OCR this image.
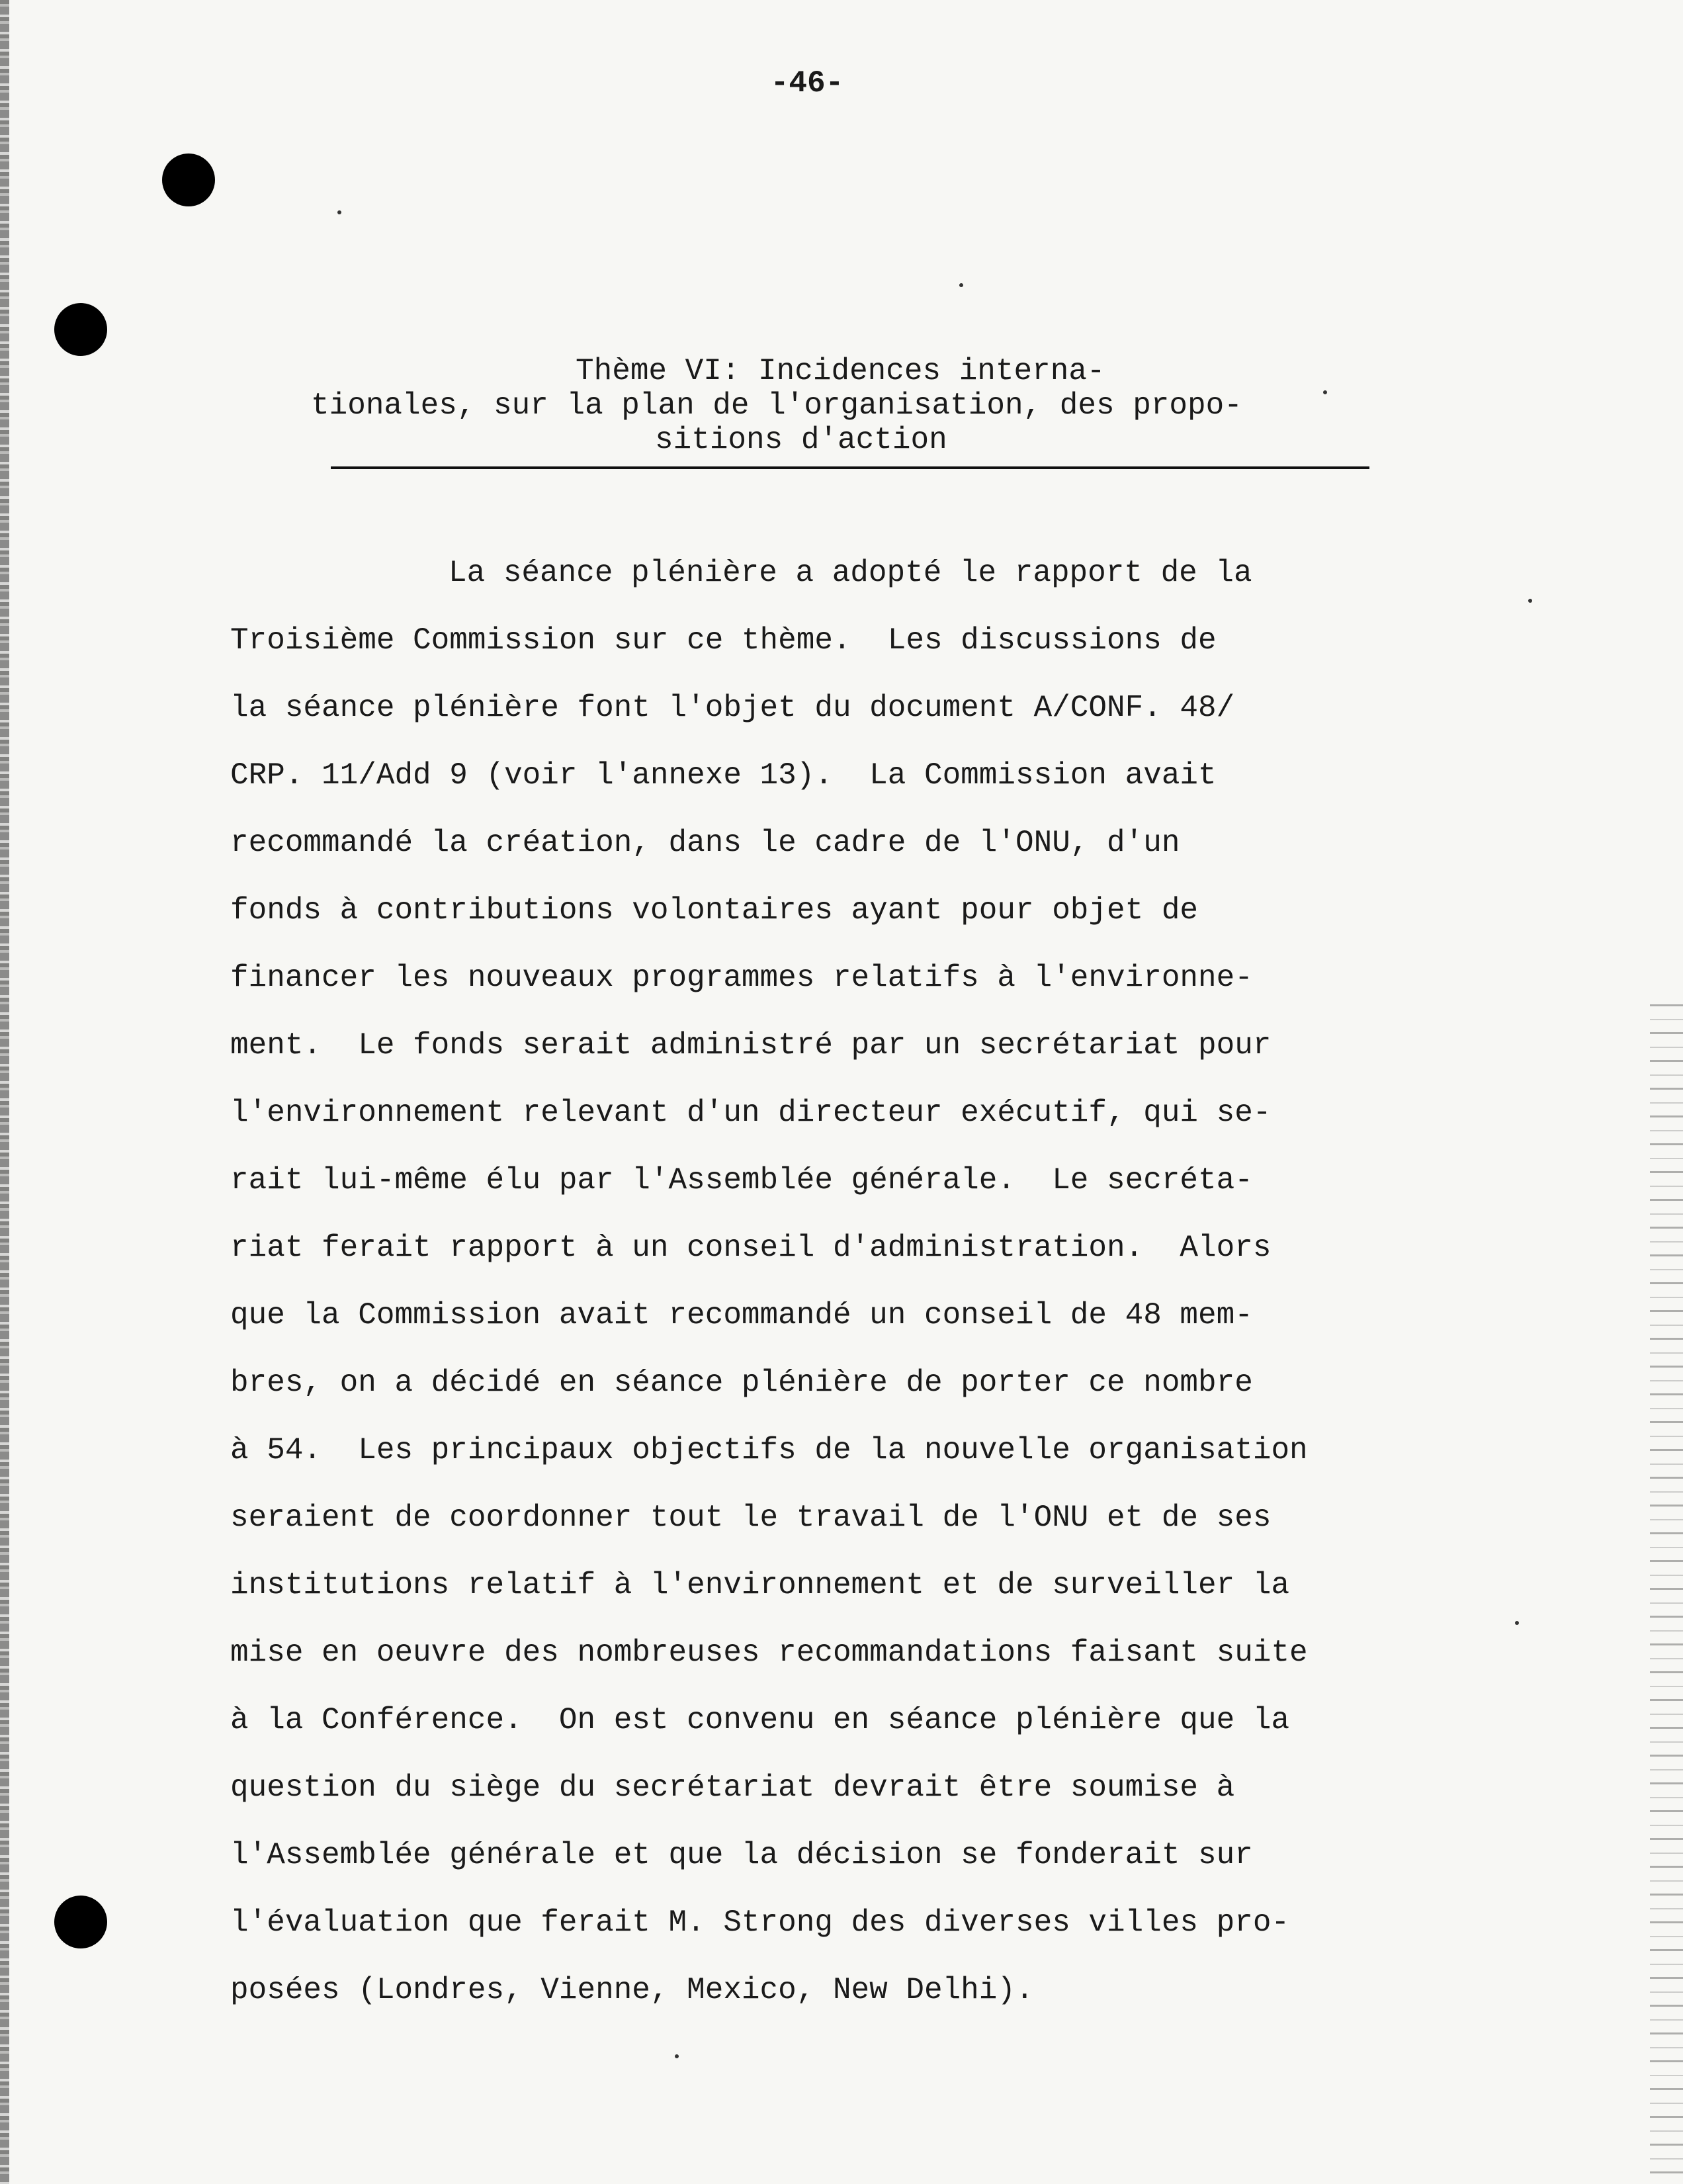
-46-
Thème VI: Incidences interna-
tionales, sur la plan de l'organisation, des propo-
sitions d'action
La séance plénière a adopté le rapport de la
Troisième Commission sur ce thème.  Les discussions de
la séance plénière font l'objet du document A/CONF. 48/
CRP. 11/Add 9 (voir l'annexe 13).  La Commission avait
recommandé la création, dans le cadre de l'ONU, d'un
fonds à contributions volontaires ayant pour objet de
financer les nouveaux programmes relatifs à l'environne-
ment.  Le fonds serait administré par un secrétariat pour
l'environnement relevant d'un directeur exécutif, qui se-
rait lui-même élu par l'Assemblée générale.  Le secréta-
riat ferait rapport à un conseil d'administration.  Alors
que la Commission avait recommandé un conseil de 48 mem-
bres, on a décidé en séance plénière de porter ce nombre
à 54.  Les principaux objectifs de la nouvelle organisation
seraient de coordonner tout le travail de l'ONU et de ses
institutions relatif à l'environnement et de surveiller la
mise en oeuvre des nombreuses recommandations faisant suite
à la Conférence.  On est convenu en séance plénière que la
question du siège du secrétariat devrait être soumise à
l'Assemblée générale et que la décision se fonderait sur
l'évaluation que ferait M. Strong des diverses villes pro-
posées (Londres, Vienne, Mexico, New Delhi).
